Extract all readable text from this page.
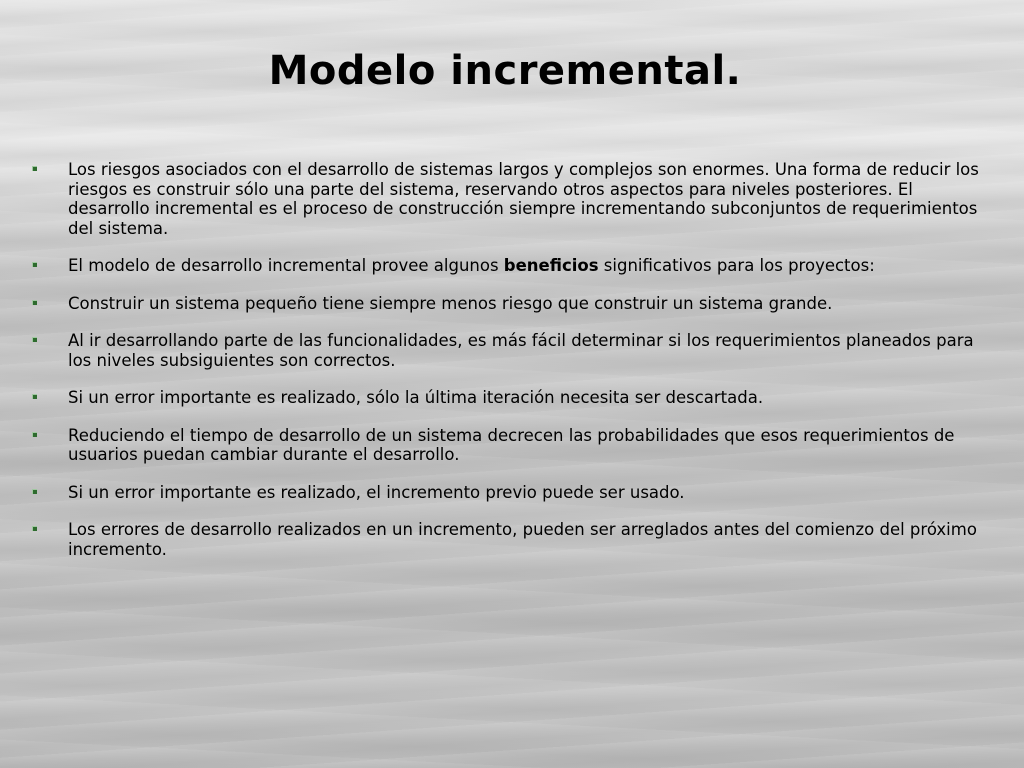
Modelo incremental.
Los riesgos asociados con el desarrollo de sistemas largos y complejos son enormes. Una forma de reducir los riesgos es construir sólo una parte del sistema, reservando otros aspectos para niveles posteriores. El desarrollo incremental es el proceso de construcción siempre incrementando subconjuntos de requerimientos del sistema.
El modelo de desarrollo incremental provee algunos beneficios significativos para los proyectos:
Construir un sistema pequeño tiene siempre menos riesgo que construir un sistema grande.
Al ir desarrollando parte de las funcionalidades, es más fácil determinar si los requerimientos planeados para los niveles subsiguientes son correctos.
Si un error importante es realizado, sólo la última iteración necesita ser descartada.
Reduciendo el tiempo de desarrollo de un sistema decrecen las probabilidades que esos requerimientos de usuarios puedan cambiar durante el desarrollo.
Si un error importante es realizado, el incremento previo puede ser usado.
Los errores de desarrollo realizados en un incremento, pueden ser arreglados antes del comienzo del próximo incremento.
